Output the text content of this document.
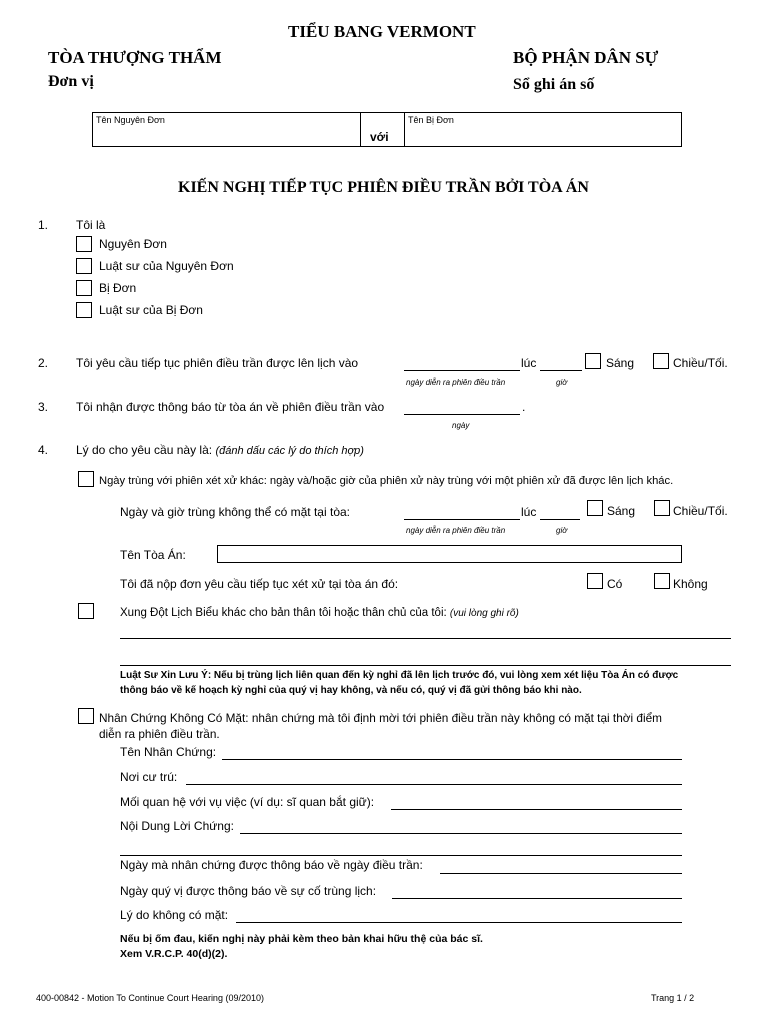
TIỂU BANG VERMONT
TÒA THƯỢNG THẨM
Đơn vị
BỘ PHẬN DÂN SỰ
Sổ ghi án số
Tên Nguyên Đơn
với
Tên Bị Đơn
KIẾN NGHỊ TIẾP TỤC PHIÊN ĐIỀU TRẦN BỞI TÒA ÁN
1. Tôi là
Nguyên Đơn
Luật sư của Nguyên Đơn
Bị Đơn
Luật sư của Bị Đơn
2. Tôi yêu cầu tiếp tục phiên điều trần được lên lịch vào	lúc	Sáng	Chiều/Tối.
ngày diễn ra phiên điều trần	giờ
3. Tôi nhận được thông báo từ tòa án về phiên điều trần vào	.
ngày
4. Lý do cho yêu cầu này là: (đánh dấu các lý do thích hợp)
Ngày trùng với phiên xét xử khác: ngày và/hoặc giờ của phiên xử này trùng với một phiên xử đã được lên lịch khác.
Ngày và giờ trùng không thể có mặt tại tòa:	lúc	Sáng	Chiều/Tối.
ngày diễn ra phiên điều trần	giờ
Tên Tòa Án:
Tôi đã nộp đơn yêu cầu tiếp tục xét xử tại tòa án đó:	Có	Không
Xung Đột Lịch Biểu khác cho bản thân tôi hoặc thân chủ của tôi: (vui lòng ghi rõ)
Luật Sư Xin Lưu Ý: Nếu bị trùng lịch liên quan đến kỳ nghỉ đã lên lịch trước đó, vui lòng xem xét liệu Tòa Án có được
thông báo về kế hoạch kỳ nghỉ của quý vị hay không, và nếu có, quý vị đã gửi thông báo khi nào.
Nhân Chứng Không Có Mặt: nhân chứng mà tôi định mời tới phiên điều trần này không có mặt tại thời điểm
diễn ra phiên điều trần.
Tên Nhân Chứng:
Nơi cư trú:
Mối quan hệ với vụ việc (ví dụ: sĩ quan bắt giữ):
Nội Dung Lời Chứng:
Ngày mà nhân chứng được thông báo về ngày điều trần:
Ngày quý vị được thông báo về sự cố trùng lịch:
Lý do không có mặt:
Nếu bị ốm đau, kiến nghị này phải kèm theo bản khai hữu thệ của bác sĩ.
Xem V.R.C.P. 40(d)(2).
400-00842 - Motion To Continue Court Hearing (09/2010)	Trang 1 / 2
